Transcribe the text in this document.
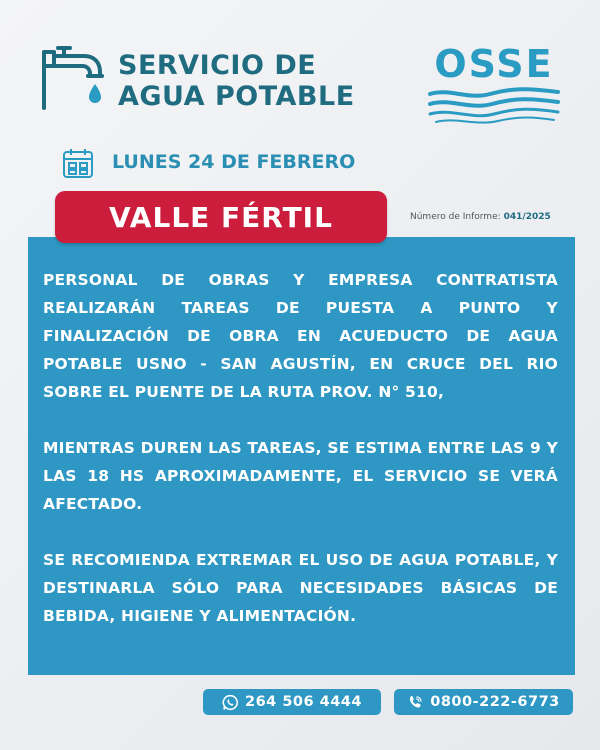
SERVICIO DE
AGUA POTABLE
OSSE
LUNES 24 DE FEBRERO
VALLE FÉRTIL	Número de Informe: 041/2025

PERSONAL DE OBRAS Y EMPRESA CONTRATISTA REALIZARÁN TAREAS DE PUESTA A PUNTO Y FINALIZACIÓN DE OBRA EN ACUEDUCTO DE AGUA POTABLE USNO - SAN AGUSTÍN, EN CRUCE DEL RIO SOBRE EL PUENTE DE LA RUTA PROV. N° 510,

MIENTRAS DUREN LAS TAREAS, SE ESTIMA ENTRE LAS 9 Y LAS 18 HS APROXIMADAMENTE, EL SERVICIO SE VERÁ AFECTADO.

SE RECOMIENDA EXTREMAR EL USO DE AGUA POTABLE, Y DESTINARLA SÓLO PARA NECESIDADES BÁSICAS DE BEBIDA, HIGIENE Y ALIMENTACIÓN.

264 506 4444	0800-222-6773
